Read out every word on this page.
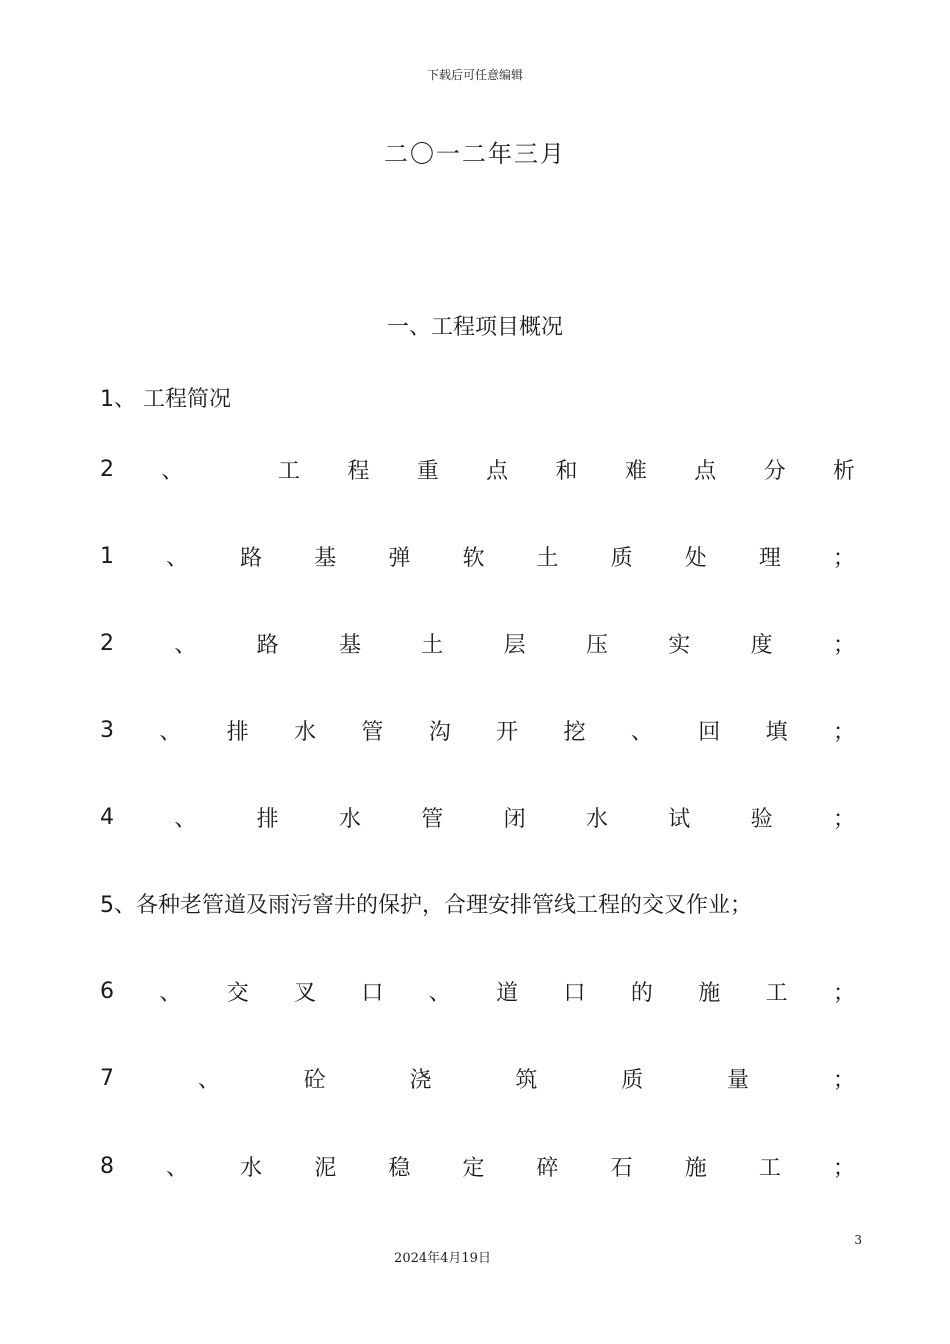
下载后可任意编辑
二〇一二年三月
一、工程项目概况
1、 工程简况
2 、	工 程 重 点 和 难 点 分 析
1 、 路 基 弹 软 土 质 处 理 ；
2	、	路	基	土	层	压	实	度	；
3 、 排 水 管 沟 开 挖 、 回 填 ；
4	、	排	水	管	闭	水	试	验	；
5、各种老管道及雨污窨井的保护，合理安排管线工程的交叉作业；
6 、 交 叉 口 、 道 口 的 施 工 ；
7	、	砼	浇	筑	质	量	；
8 、 水 泥 稳 定 碎 石 施 工 ；
3
2024年4月19日
